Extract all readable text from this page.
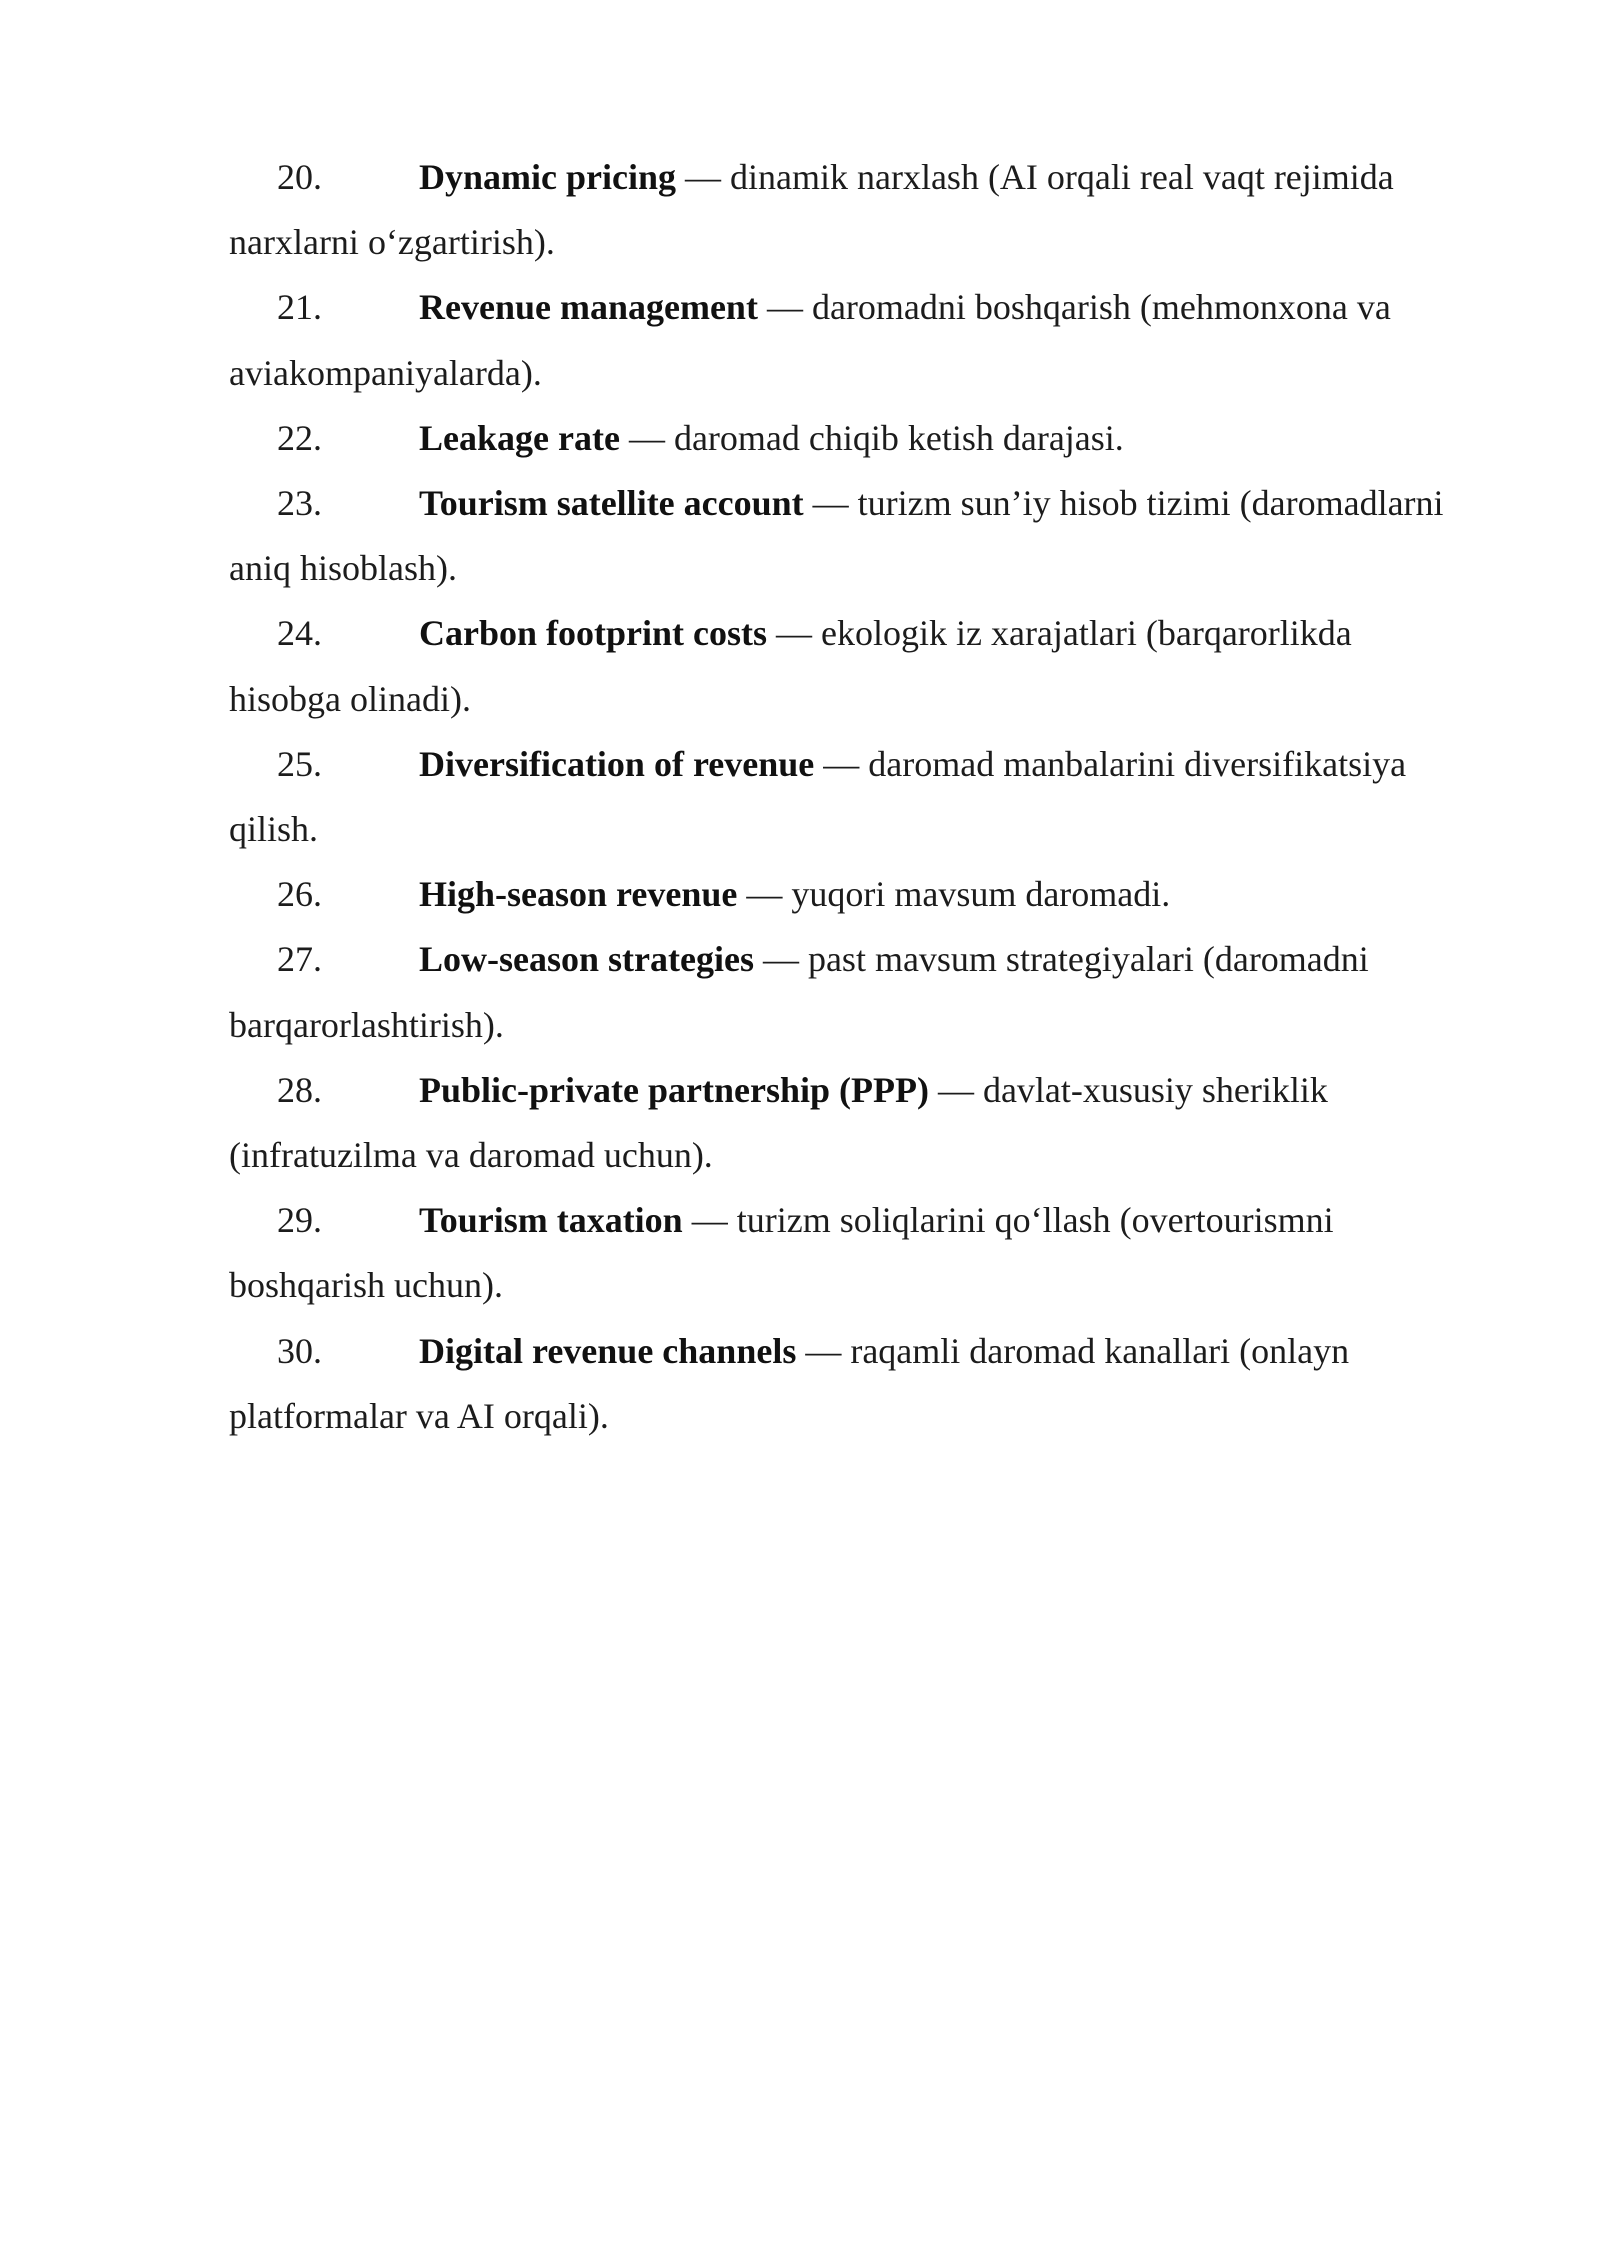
20.	Dynamic pricing — dinamik narxlash (AI orqali real vaqt rejimida narxlarni o‘zgartirish).

21.	Revenue management — daromadni boshqarish (mehmonxona va aviakompaniyalarda).

22.	Leakage rate — daromad chiqib ketish darajasi.

23.	Tourism satellite account — turizm sun’iy hisob tizimi (daromadlarni aniq hisoblash).

24.	Carbon footprint costs — ekologik iz xarajatlari (barqarorlikda hisobga olinadi).

25.	Diversification of revenue — daromad manbalarini diversifikatsiya qilish.

26.	High-season revenue — yuqori mavsum daromadi.

27.	Low-season strategies — past mavsum strategiyalari (daromadni barqarorlashtirish).

28.	Public-private partnership (PPP) — davlat-xususiy sheriklik (infratuzilma va daromad uchun).

29.	Tourism taxation — turizm soliqlarini qo‘llash (overtourismni boshqarish uchun).

30.	Digital revenue channels — raqamli daromad kanallari (onlayn platformalar va AI orqali).
